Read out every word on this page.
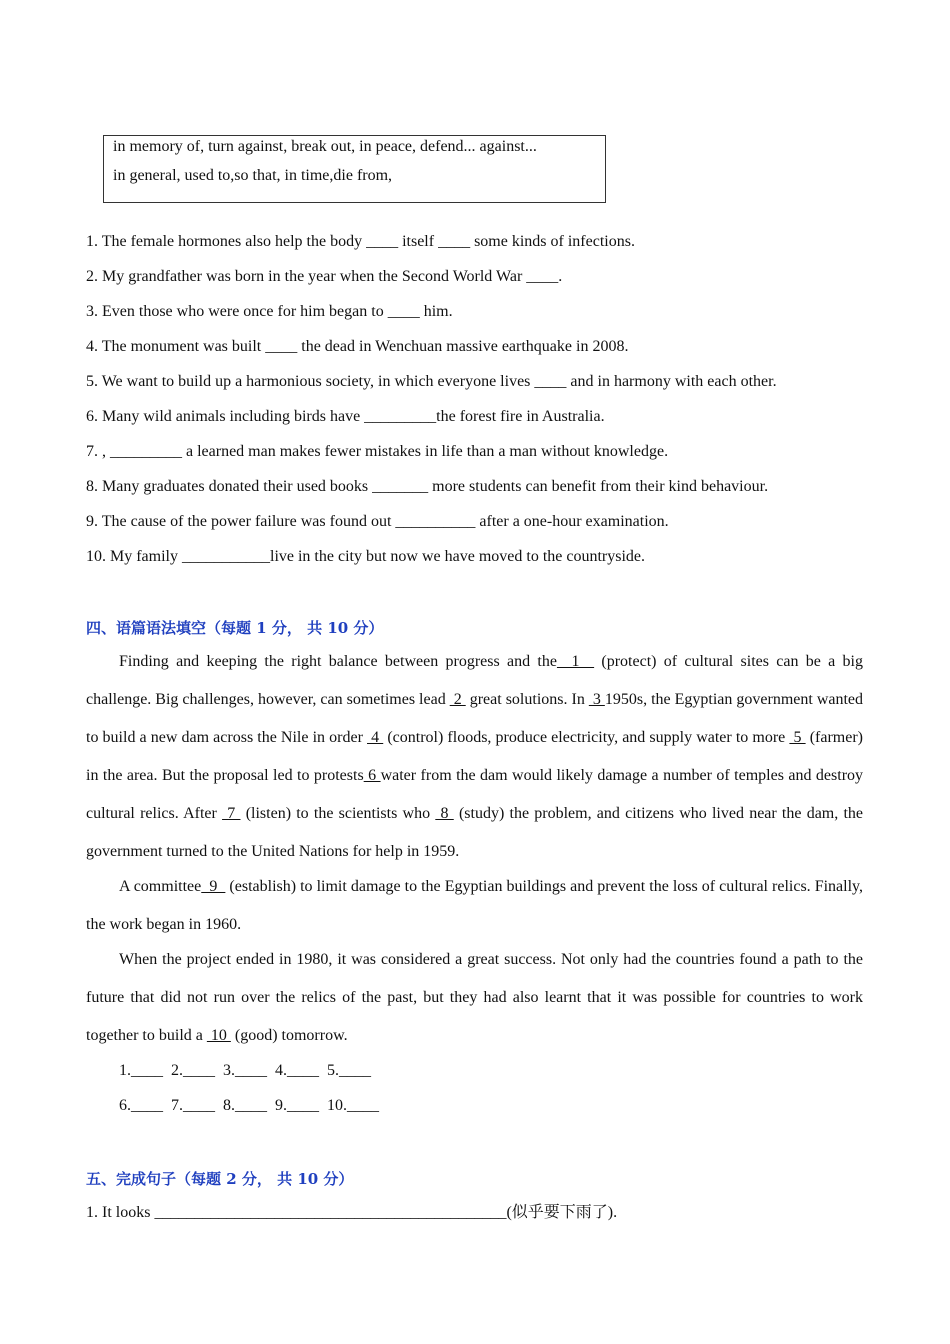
in memory of, turn against, break out, in peace, defend... against...
in general, used to,so that, in time,die from,
1. The female hormones also help the body ____ itself ____ some kinds of infections.
2. My grandfather was born in the year when the Second World War ____.
3. Even those who were once for him began to ____ him.
4. The monument was built ____ the dead in Wenchuan massive earthquake in 2008.
5. We want to build up a harmonious society, in which everyone lives ____ and in harmony with each other.
6. Many wild animals including birds have _________the forest fire in Australia.
7. , _________ a learned man makes fewer mistakes in life than a man without knowledge.
8. Many graduates donated their used books _______ more students can benefit from their kind behaviour.
9. The cause of the power failure was found out __________ after a one-hour examination.
10. My family ___________live in the city but now we have moved to the countryside.
四、语篇语法填空（每题 1 分， 共 10 分）
Finding and keeping the right balance between progress and the  1   (protect) of cultural sites can be a big challenge. Big challenges, however, can sometimes lead  2  great solutions. In  3 1950s, the Egyptian government wanted to build a new dam across the Nile in order  4  (control) floods, produce electricity, and supply water to more  5  (farmer) in the area. But the proposal led to protests 6 water from the dam would likely damage a number of temples and destroy cultural relics. After  7  (listen) to the scientists who  8  (study) the problem, and citizens who lived near the dam, the government turned to the United Nations for help in 1959.
A committee  9   (establish) to limit damage to the Egyptian buildings and prevent the loss of cultural relics. Finally, the work began in 1960.
When the project ended in 1980, it was considered a great success. Not only had the countries found a path to the future that did not run over the relics of the past, but they had also learnt that it was possible for countries to work together to build a  10  (good) tomorrow.
1.____  2.____  3.____  4.____  5.____
6.____  7.____  8.____  9.____  10.____
五、完成句子（每题 2 分， 共 10 分）
1. It looks ____________________________________________(似乎要下雨了).
